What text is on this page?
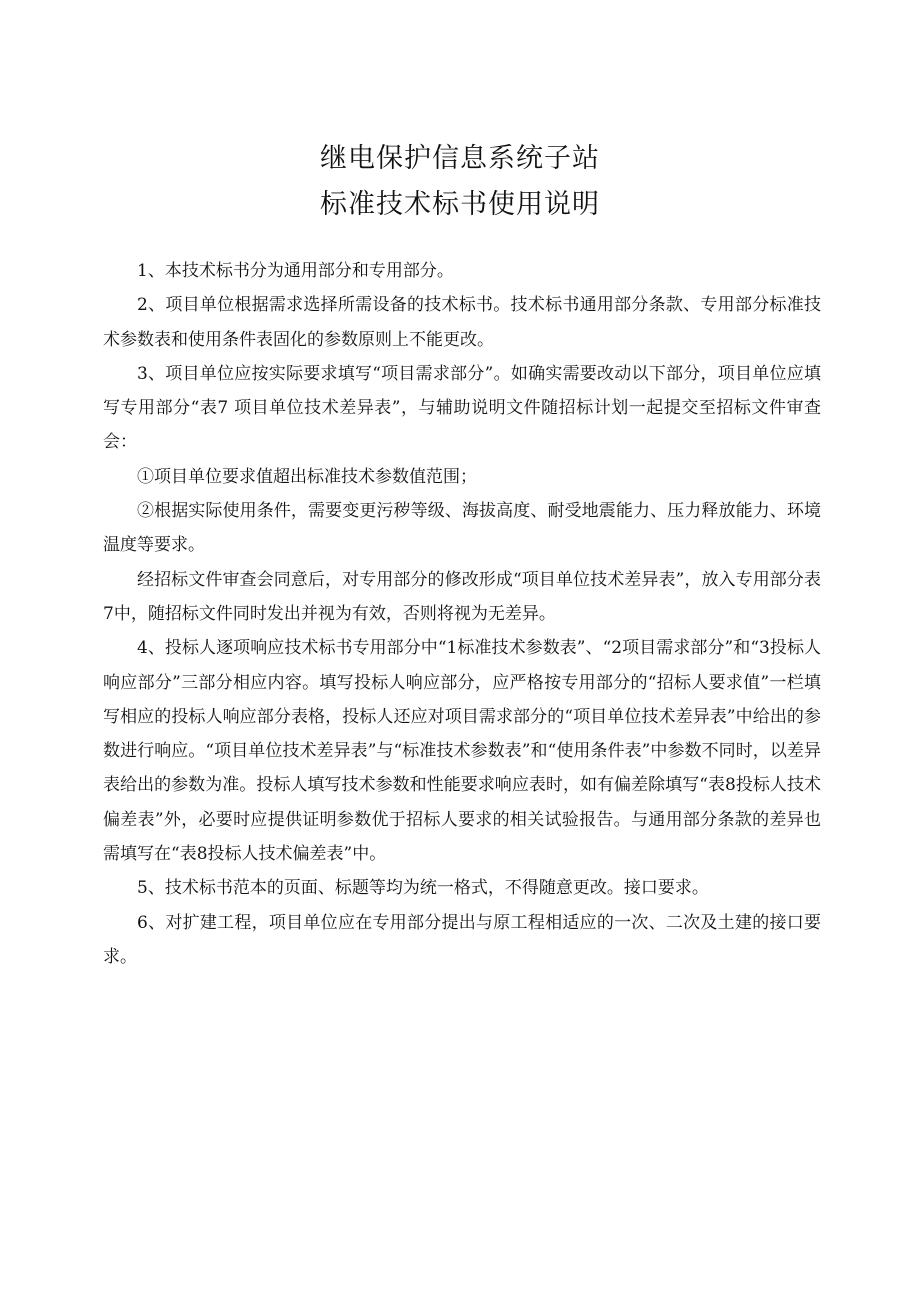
继电保护信息系统子站
标准技术标书使用说明

1、本技术标书分为通用部分和专用部分。

2、项目单位根据需求选择所需设备的技术标书。技术标书通用部分条款、专用部分标准技术参数表和使用条件表固化的参数原则上不能更改。

3、项目单位应按实际要求填写“项目需求部分”。如确实需要改动以下部分，项目单位应填写专用部分“表7 项目单位技术差异表”，与辅助说明文件随招标计划一起提交至招标文件审查会：

①项目单位要求值超出标准技术参数值范围；

②根据实际使用条件，需要变更污秽等级、海拔高度、耐受地震能力、压力释放能力、环境温度等要求。

经招标文件审查会同意后，对专用部分的修改形成“项目单位技术差异表”，放入专用部分表7中，随招标文件同时发出并视为有效，否则将视为无差异。

4、投标人逐项响应技术标书专用部分中“1标准技术参数表”、“2项目需求部分”和“3投标人响应部分”三部分相应内容。填写投标人响应部分，应严格按专用部分的“招标人要求值”一栏填写相应的投标人响应部分表格，投标人还应对项目需求部分的“项目单位技术差异表”中给出的参数进行响应。“项目单位技术差异表”与“标准技术参数表”和“使用条件表”中参数不同时，以差异表给出的参数为准。投标人填写技术参数和性能要求响应表时，如有偏差除填写“表8投标人技术偏差表”外，必要时应提供证明参数优于招标人要求的相关试验报告。与通用部分条款的差异也需填写在“表8投标人技术偏差表”中。

5、技术标书范本的页面、标题等均为统一格式，不得随意更改。接口要求。

6、对扩建工程，项目单位应在专用部分提出与原工程相适应的一次、二次及土建的接口要求。
